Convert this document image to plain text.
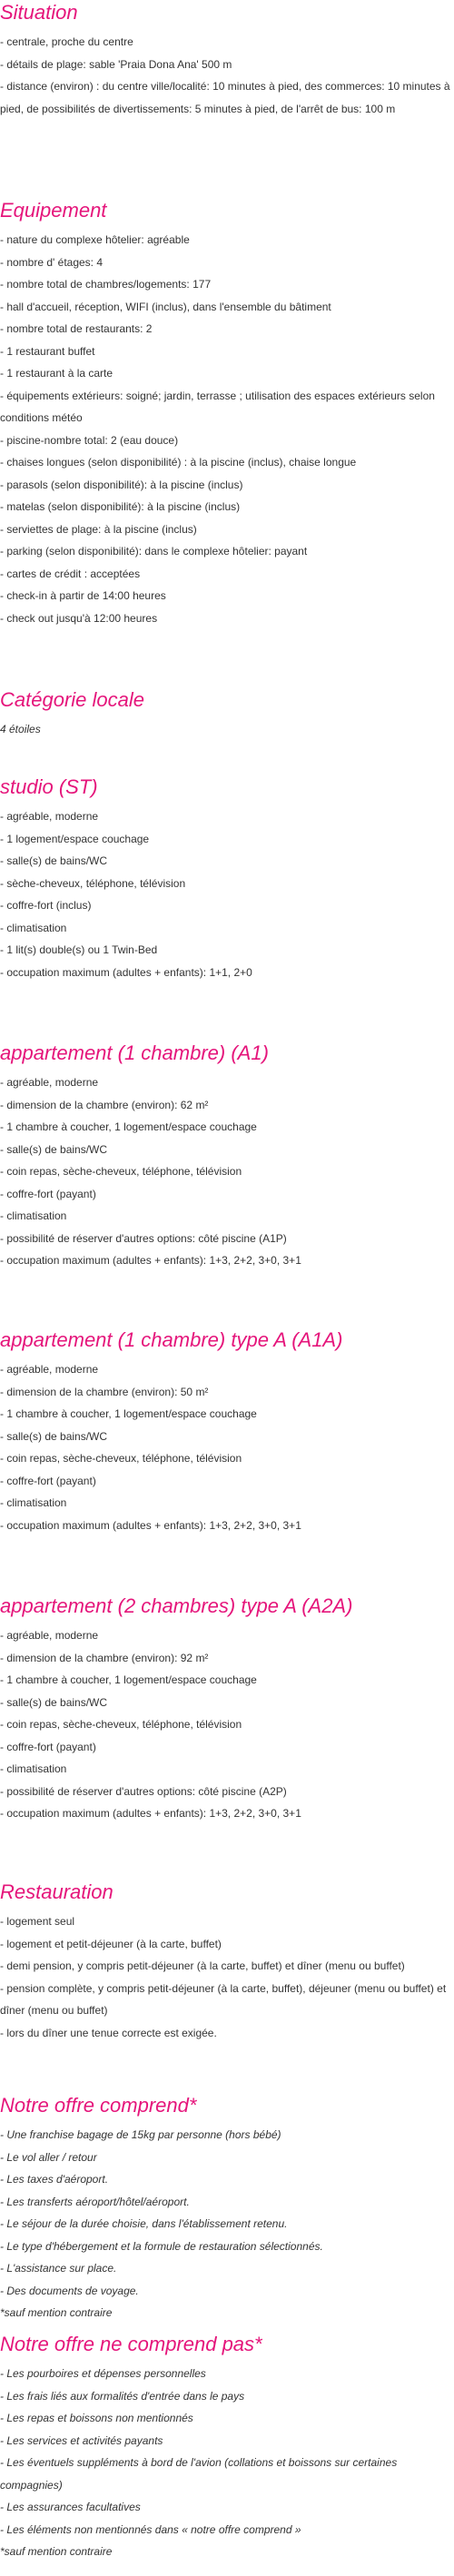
Situation
- centrale, proche du centre
- détails de plage: sable 'Praia Dona Ana' 500 m
- distance (environ) : du centre ville/localité: 10 minutes à pied, des commerces: 10 minutes à pied, de possibilités de divertissements: 5 minutes à pied, de l'arrêt de bus: 100 m
Equipement
- nature du complexe hôtelier: agréable
- nombre d' étages: 4
- nombre total de chambres/logements: 177
- hall d'accueil, réception, WIFI (inclus), dans l'ensemble du bâtiment
- nombre total de restaurants: 2
- 1 restaurant buffet
- 1 restaurant à la carte
- équipements extérieurs: soigné; jardin, terrasse ; utilisation des espaces extérieurs selon conditions météo
- piscine-nombre total: 2 (eau douce)
- chaises longues (selon disponibilité) : à la piscine (inclus), chaise longue
- parasols (selon disponibilité): à la piscine (inclus)
- matelas (selon disponibilité): à la piscine (inclus)
- serviettes de plage: à la piscine (inclus)
- parking (selon disponibilité): dans le complexe hôtelier: payant
- cartes de crédit : acceptées
- check-in à partir de 14:00 heures
- check out jusqu'à 12:00 heures
Catégorie locale
4 étoiles
studio (ST)
- agréable, moderne
- 1 logement/espace couchage
- salle(s) de bains/WC
- sèche-cheveux, téléphone, télévision
- coffre-fort (inclus)
- climatisation
- 1 lit(s) double(s) ou 1 Twin-Bed
- occupation maximum (adultes + enfants): 1+1, 2+0
appartement (1 chambre) (A1)
- agréable, moderne
- dimension de la chambre (environ): 62 m²
- 1 chambre à coucher, 1 logement/espace couchage
- salle(s) de bains/WC
- coin repas, sèche-cheveux, téléphone, télévision
- coffre-fort (payant)
- climatisation
- possibilité de réserver d'autres options: côté piscine (A1P)
- occupation maximum (adultes + enfants): 1+3, 2+2, 3+0, 3+1
appartement (1 chambre) type A (A1A)
- agréable, moderne
- dimension de la chambre (environ): 50 m²
- 1 chambre à coucher, 1 logement/espace couchage
- salle(s) de bains/WC
- coin repas, sèche-cheveux, téléphone, télévision
- coffre-fort (payant)
- climatisation
- occupation maximum (adultes + enfants): 1+3, 2+2, 3+0, 3+1
appartement (2 chambres) type A (A2A)
- agréable, moderne
- dimension de la chambre (environ): 92 m²
- 1 chambre à coucher, 1 logement/espace couchage
- salle(s) de bains/WC
- coin repas, sèche-cheveux, téléphone, télévision
- coffre-fort (payant)
- climatisation
- possibilité de réserver d'autres options: côté piscine (A2P)
- occupation maximum (adultes + enfants): 1+3, 2+2, 3+0, 3+1
Restauration
- logement seul
- logement et petit-déjeuner (à la carte, buffet)
- demi pension, y compris petit-déjeuner (à la carte, buffet) et dîner (menu ou buffet)
- pension complète, y compris petit-déjeuner (à la carte, buffet), déjeuner (menu ou buffet) et dîner (menu ou buffet)
- lors du dîner une tenue correcte est exigée.
Notre offre comprend*
- Une franchise bagage de 15kg par personne (hors bébé)
- Le vol aller / retour
- Les taxes d'aéroport.
- Les transferts aéroport/hôtel/aéroport.
- Le séjour de la durée choisie, dans l'établissement retenu.
- Le type d'hébergement et la formule de restauration sélectionnés.
- L'assistance sur place.
- Des documents de voyage.
*sauf mention contraire
Notre offre ne comprend pas*
- Les pourboires et dépenses personnelles
- Les frais liés aux formalités d'entrée dans le pays
- Les repas et boissons non mentionnés
- Les services et activités payants
- Les éventuels suppléments à bord de l'avion (collations et boissons sur certaines compagnies)
- Les assurances facultatives
- Les éléments non mentionnés dans « notre offre comprend »
*sauf mention contraire
